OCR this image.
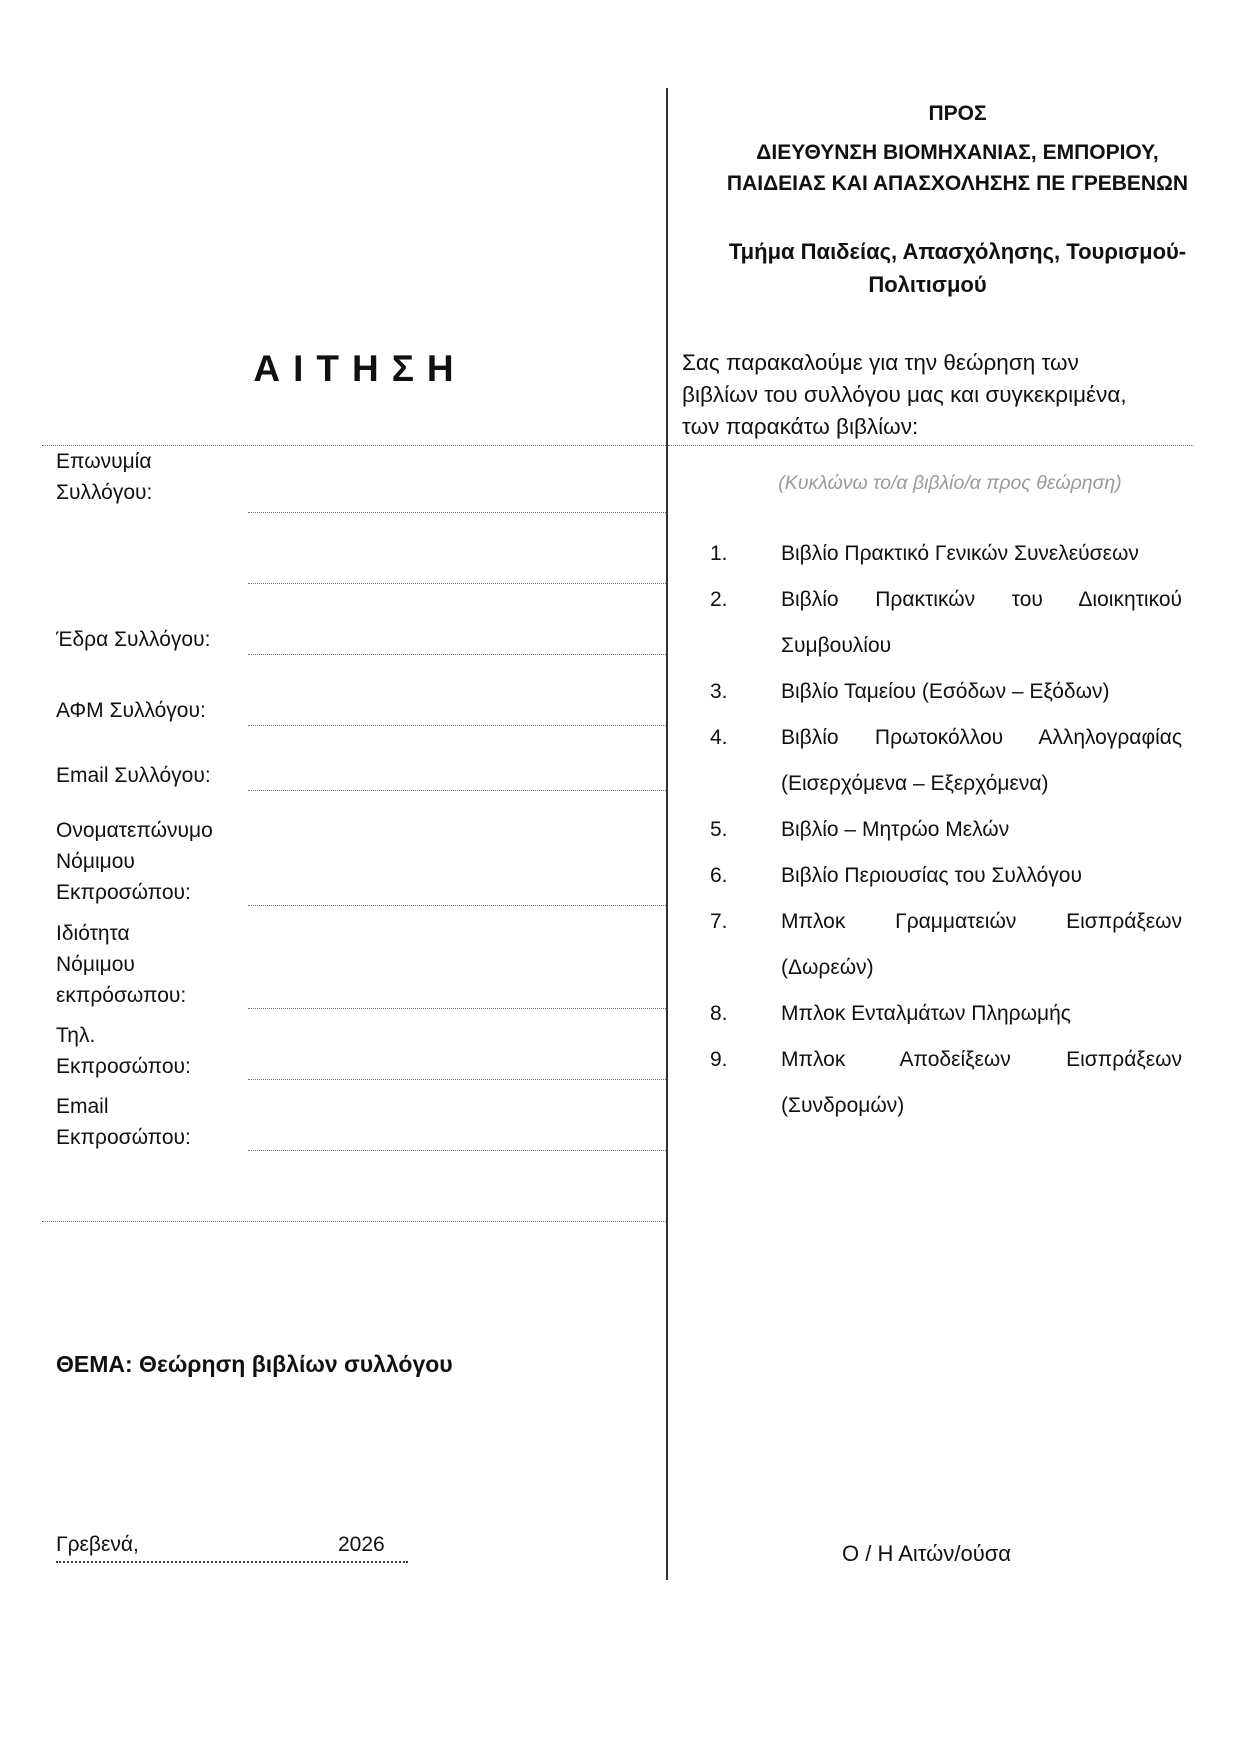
ΠΡΟΣ
ΔΙΕΥΘΥΝΣΗ ΒΙΟΜΗΧΑΝΙΑΣ, ΕΜΠΟΡΙΟΥ,
ΠΑΙΔΕΙΑΣ ΚΑΙ ΑΠΑΣΧΟΛΗΣΗΣ ΠΕ ΓΡΕΒΕΝΩΝ
Τμήμα Παιδείας, Απασχόλησης, Τουρισμού-
Πολιτισμού
ΑΙΤΗΣΗ	Σας παρακαλούμε για την θεώρηση των
βιβλίων του συλλόγου μας και συγκεκριμένα,
των παρακάτω βιβλίων:
(Κυκλώνω το/α βιβλίο/α προς θεώρηση)
Επωνυμία
Συλλόγου:
Έδρα Συλλόγου:
ΑΦΜ Συλλόγου:
Email Συλλόγου:
Ονοματεπώνυμο
Νόμιμου
Εκπροσώπου:
Ιδιότητα
Νόμιμου
εκπρόσωπου:
Τηλ.
Εκπροσώπου:
Email
Εκπροσώπου:
1.	Βιβλίο Πρακτικό Γενικών Συνελεύσεων
2.	Βιβλίο Πρακτικών του Διοικητικού
Συμβουλίου
3.	Βιβλίο Ταμείου (Εσόδων – Εξόδων)
4.	Βιβλίο Πρωτοκόλλου Αλληλογραφίας
(Εισερχόμενα – Εξερχόμενα)
5.	Βιβλίο – Μητρώο Μελών
6.	Βιβλίο Περιουσίας του Συλλόγου
7.	Μπλοκ Γραμματειών Εισπράξεων
(Δωρεών)
8.	Μπλοκ Ενταλμάτων Πληρωμής
9.	Μπλοκ Αποδείξεων Εισπράξεων
(Συνδρομών)
ΘΕΜΑ: Θεώρηση βιβλίων συλλόγου
Γρεβενά,	2026	Ο / Η Αιτών/ούσα
